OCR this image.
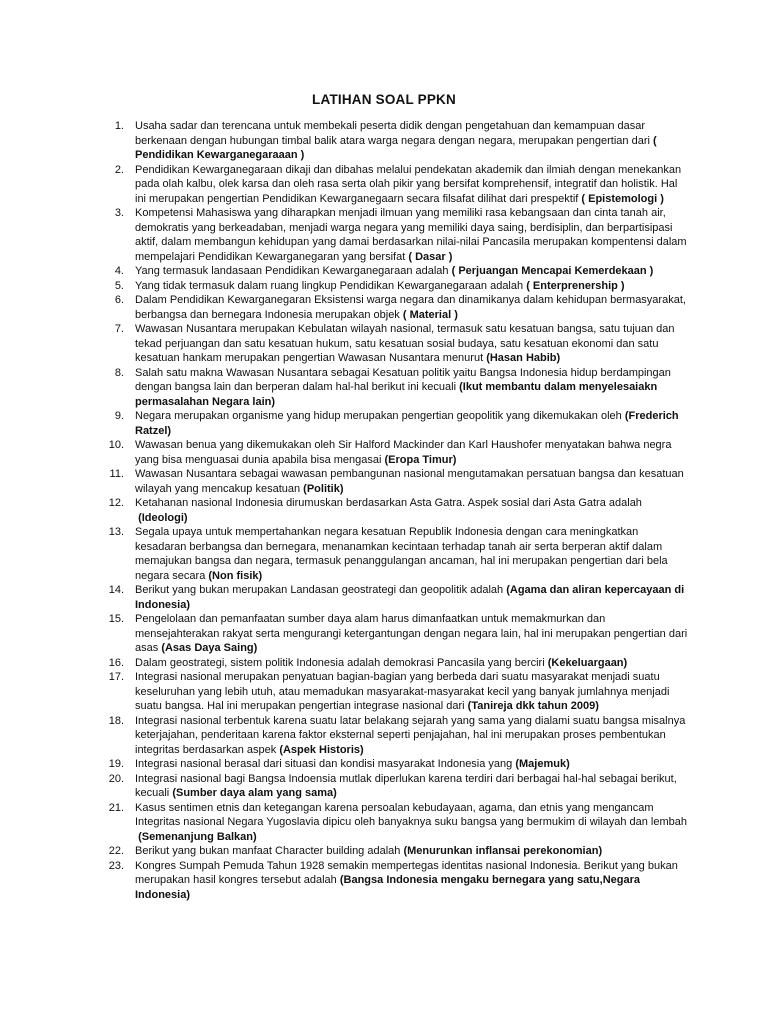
LATIHAN SOAL PPKN
1. Usaha sadar dan terencana untuk membekali peserta didik dengan pengetahuan dan kemampuan dasar berkenaan dengan hubungan timbal balik atara warga negara dengan negara, merupakan pengertian dari ( Pendidikan Kewarganegaraaan )
2. Pendidikan Kewarganegaraan dikaji dan dibahas melalui pendekatan akademik dan ilmiah dengan menekankan pada olah kalbu, olek karsa dan oleh rasa serta olah pikir yang bersifat komprehensif, integratif dan holistik. Hal ini merupakan pengertian Pendidikan Kewarganegaarn secara filsafat dilihat dari prespektif ( Epistemologi )
3. Kompetensi Mahasiswa yang diharapkan menjadi ilmuan yang memiliki rasa kebangsaan dan cinta tanah air, demokratis yang berkeadaban, menjadi warga negara yang memiliki daya saing, berdisiplin, dan berpartisipasi aktif, dalam membangun kehidupan yang damai berdasarkan nilai-nilai Pancasila merupakan kompentensi dalam mempelajari Pendidikan Kewarganegaran yang bersifat ( Dasar )
4. Yang termasuk landasaan Pendidikan Kewarganegaraan adalah ( Perjuangan Mencapai Kemerdekaan )
5. Yang tidak termasuk dalam ruang lingkup Pendidikan Kewarganegaraan adalah ( Enterprenership )
6. Dalam Pendidikan Kewarganegaran Eksistensi warga negara dan dinamikanya dalam kehidupan bermasyarakat, berbangsa dan bernegara Indonesia merupakan objek ( Material )
7. Wawasan Nusantara merupakan Kebulatan wilayah nasional, termasuk satu kesatuan bangsa, satu tujuan dan tekad perjuangan dan satu kesatuan hukum, satu kesatuan sosial budaya, satu kesatuan ekonomi dan satu kesatuan hankam merupakan pengertian Wawasan Nusantara menurut (Hasan Habib)
8. Salah satu makna Wawasan Nusantara sebagai Kesatuan politik yaitu Bangsa Indonesia hidup berdampingan dengan bangsa lain dan berperan dalam hal-hal berikut ini kecuali (Ikut membantu dalam menyelesaiakn permasalahan Negara lain)
9. Negara merupakan organisme yang hidup merupakan pengertian geopolitik yang dikemukakan oleh (Frederich Ratzel)
10. Wawasan benua yang dikemukakan oleh Sir Halford Mackinder dan Karl Haushofer menyatakan bahwa negra yang bisa menguasai dunia apabila bisa mengasai (Eropa Timur)
11. Wawasan Nusantara sebagai wawasan pembangunan nasional mengutamakan persatuan bangsa dan kesatuan wilayah yang mencakup kesatuan (Politik)
12. Ketahanan nasional Indonesia dirumuskan berdasarkan Asta Gatra. Aspek sosial dari Asta Gatra adalah (Ideologi)
13. Segala upaya untuk mempertahankan negara kesatuan Republik Indonesia dengan cara meningkatkan kesadaran berbangsa dan bernegara, menanamkan kecintaan terhadap tanah air serta berperan aktif dalam memajukan bangsa dan negara, termasuk penanggulangan ancaman, hal ini merupakan pengertian dari bela negara secara (Non fisik)
14. Berikut yang bukan merupakan Landasan geostrategi dan geopolitik adalah (Agama dan aliran kepercayaan di Indonesia)
15. Pengelolaan dan pemanfaatan sumber daya alam harus dimanfaatkan untuk memakmurkan dan mensejahterakan rakyat serta mengurangi ketergantungan dengan negara lain, hal ini merupakan pengertian dari asas (Asas Daya Saing)
16. Dalam geostrategi, sistem politik Indonesia adalah demokrasi Pancasila yang berciri (Kekeluargaan)
17. Integrasi nasional merupakan penyatuan bagian-bagian yang berbeda dari suatu masyarakat menjadi suatu keseluruhan yang lebih utuh, atau memadukan masyarakat-masyarakat kecil yang banyak jumlahnya menjadi suatu bangsa. Hal ini merupakan pengertian integrase nasional dari (Tanireja dkk tahun 2009)
18. Integrasi nasional terbentuk karena suatu latar belakang sejarah yang sama yang dialami suatu bangsa misalnya keterjajahan, penderitaan karena faktor eksternal seperti penjajahan, hal ini merupakan proses pembentukan integritas berdasarkan aspek (Aspek Historis)
19. Integrasi nasional berasal dari situasi dan kondisi masyarakat Indonesia yang (Majemuk)
20. Integrasi nasional bagi Bangsa Indoensia mutlak diperlukan karena terdiri dari berbagai hal-hal sebagai berikut, kecuali (Sumber daya alam yang sama)
21. Kasus sentimen etnis dan ketegangan karena persoalan kebudayaan, agama, dan etnis yang mengancam Integritas nasional Negara Yugoslavia dipicu oleh banyaknya suku bangsa yang bermukim di wilayah dan lembah (Semenanjung Balkan)
22. Berikut yang bukan manfaat Character building adalah (Menurunkan inflansai perekonomian)
23. Kongres Sumpah Pemuda Tahun 1928 semakin mempertegas identitas nasional Indonesia. Berikut yang bukan merupakan hasil kongres tersebut adalah (Bangsa Indonesia mengaku bernegara yang satu,Negara Indonesia)
